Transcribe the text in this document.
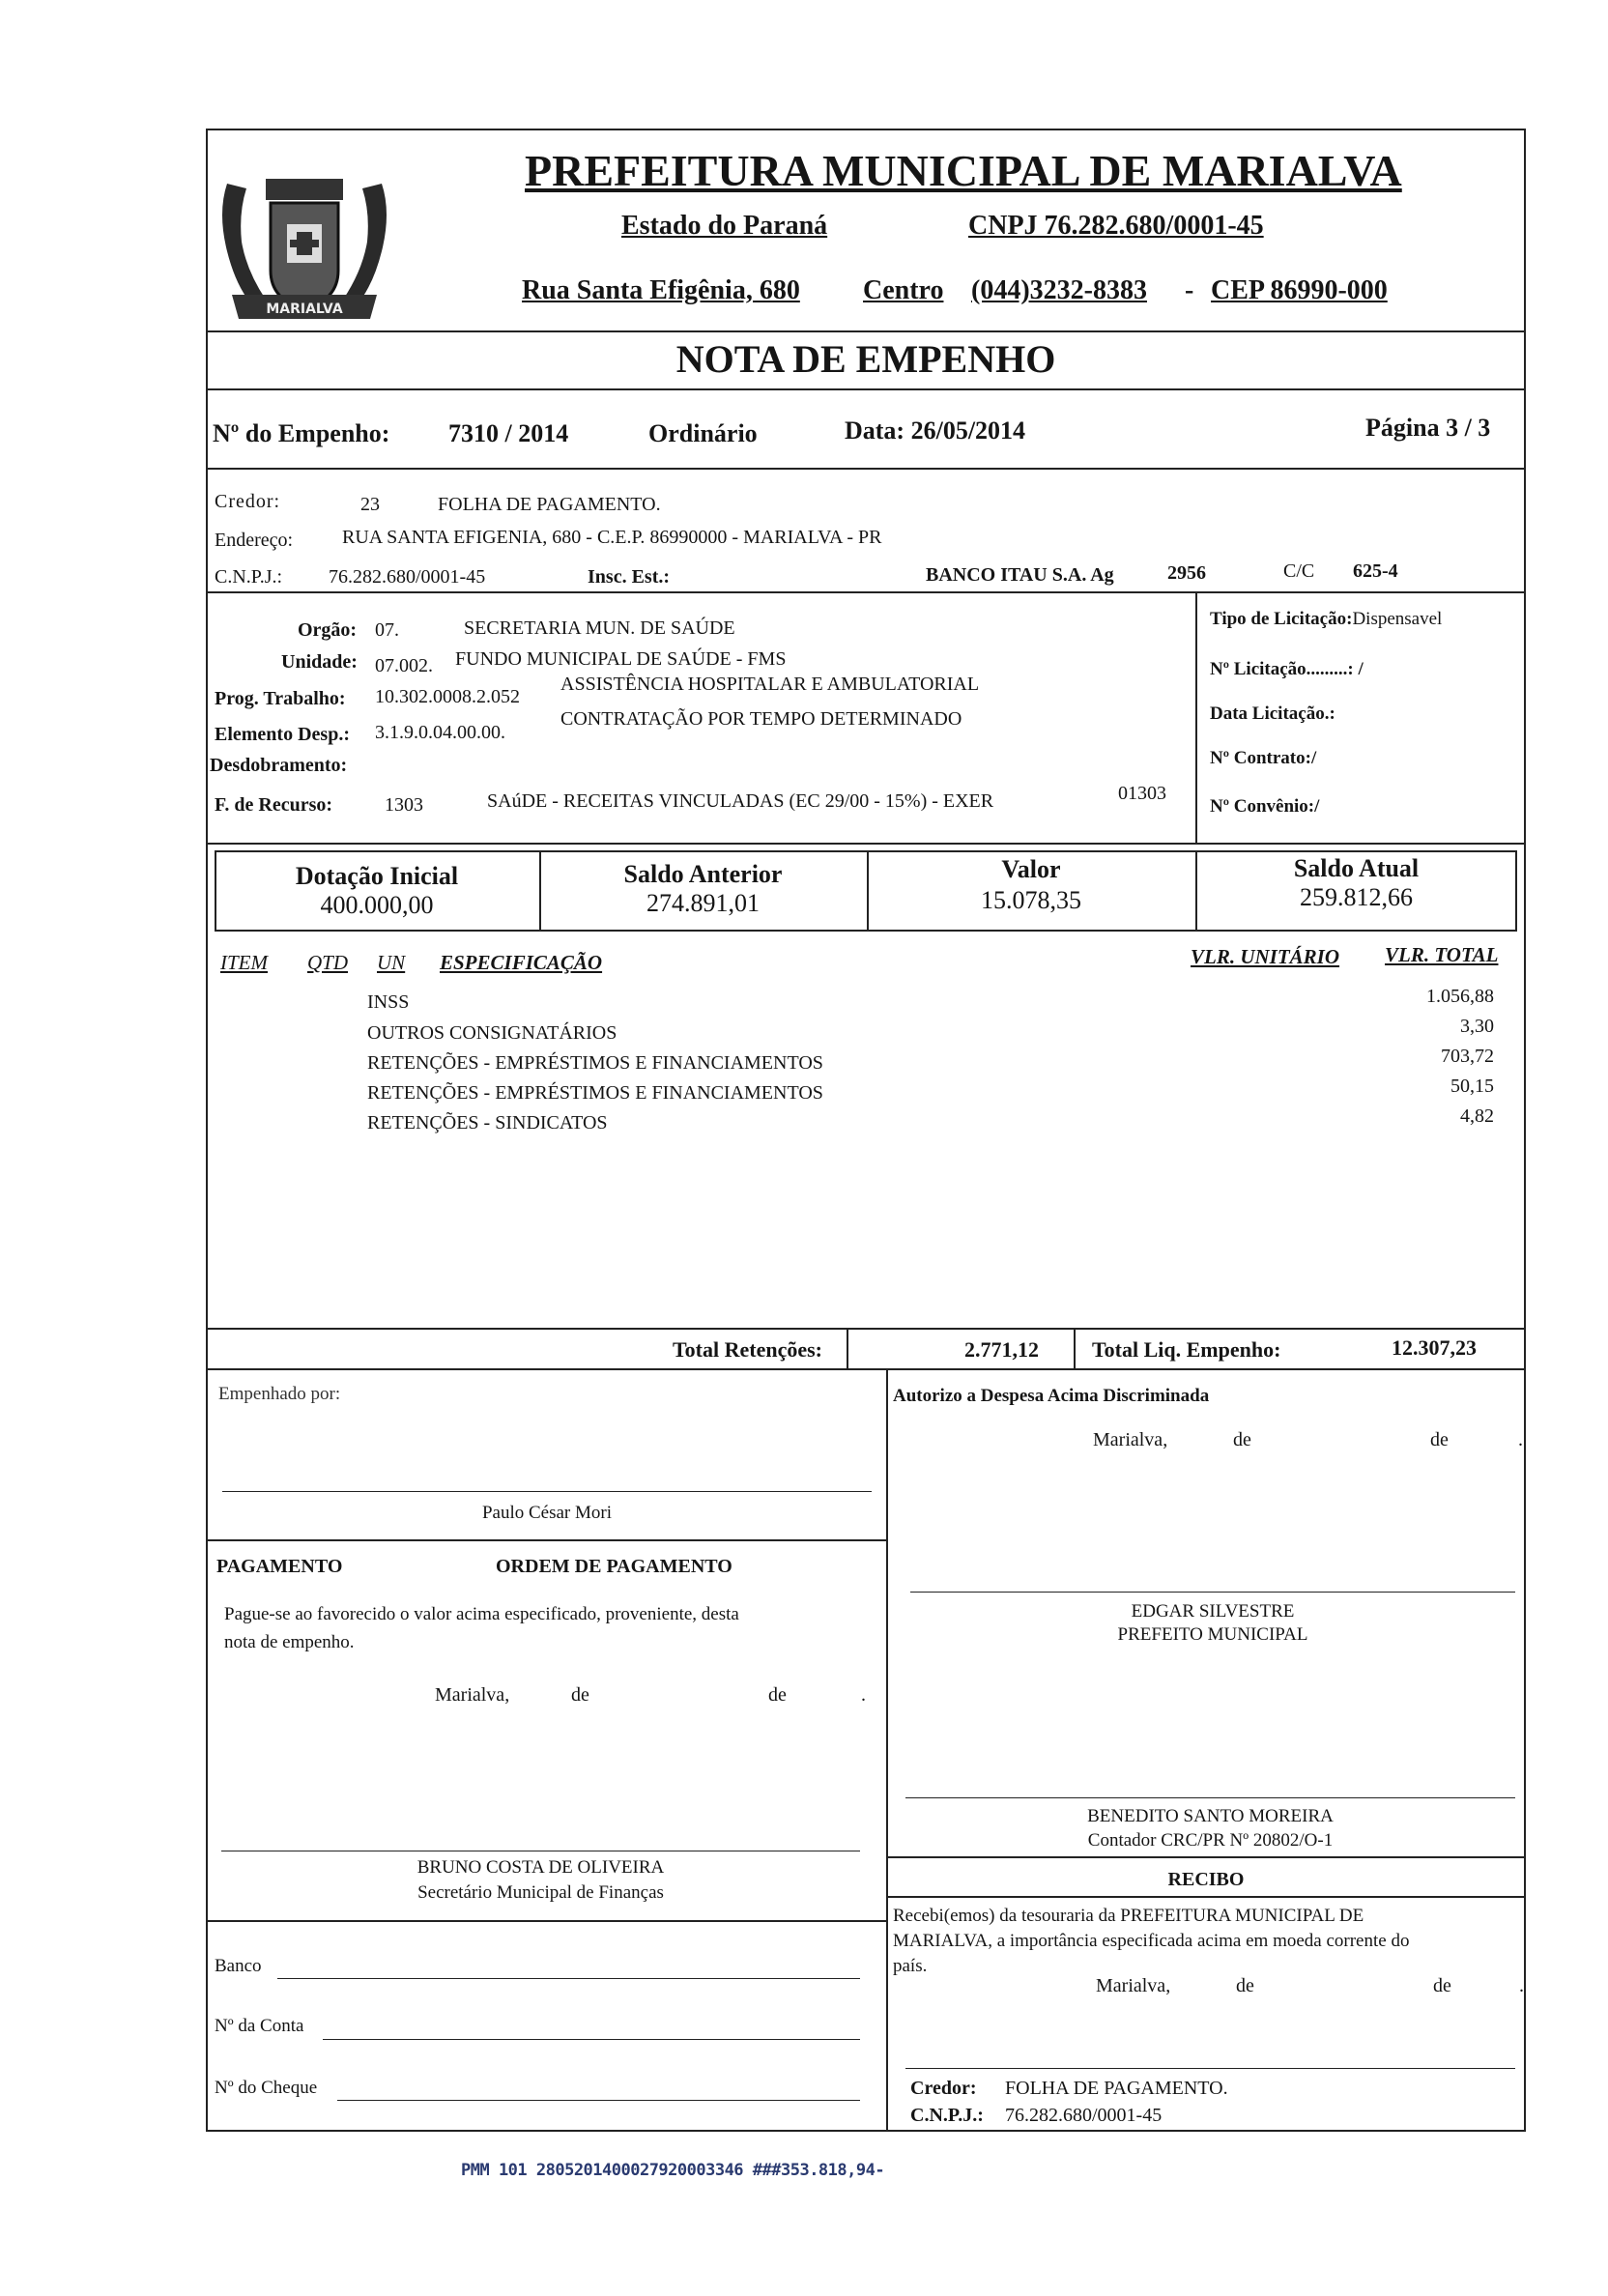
MARIALVA
PREFEITURA MUNICIPAL DE MARIALVA
Estado do Paraná	CNPJ 76.282.680/0001-45
Rua Santa Efigênia, 680 Centro (044)3232-8383 - CEP 86990-000
NOTA DE EMPENHO
Nº do Empenho: 7310 / 2014	Ordinário	Data: 26/05/2014	Página 3 / 3
Credor:	23	FOLHA DE PAGAMENTO.
Endereço:	RUA SANTA EFIGENIA, 680 - C.E.P. 86990000 - MARIALVA - PR
C.N.P.J.: 76.282.680/0001-45	Insc. Est.:	BANCO ITAU S.A. Ag	2956	C/C 625-4
Orgão: 07.	SECRETARIA MUN. DE SAÚDE
Unidade: 07.002. FUNDO MUNICIPAL DE SAÚDE - FMS
Prog. Trabalho: 10.302.0008.2.052
ASSISTÊNCIA HOSPITALAR E AMBULATORIAL
Elemento Desp.: 3.1.9.0.04.00.00.
CONTRATAÇÃO POR TEMPO DETERMINADO
Desdobramento:
F. de Recurso:	1303	SAúDE - RECEITAS VINCULADAS (EC 29/00 - 15%) - EXER	01303
Tipo de Licitação:Dispensavel
Nº Licitação.........: /
Data Licitação.:
Nº Contrato:/
Nº Convênio:/
Dotação Inicial
400.000,00
Saldo Anterior
274.891,01
Valor
15.078,35
Saldo Atual
259.812,66
ITEM QTD UN ESPECIFICAÇÃO	VLR. UNITÁRIO VLR. TOTAL
INSS	1.056,88
OUTROS CONSIGNATÁRIOS	3,30
RETENÇÕES - EMPRÉSTIMOS E FINANCIAMENTOS	703,72
RETENÇÕES - EMPRÉSTIMOS E FINANCIAMENTOS	50,15
RETENÇÕES - SINDICATOS	4,82
Total Retenções:	2.771,12	Total Liq. Empenho:	12.307,23
Empenhado por:
Paulo César Mori
PAGAMENTO	ORDEM DE PAGAMENTO
Pague-se ao favorecido o valor acima especificado, proveniente, desta
nota de empenho.
Marialva,	de	de	.
BRUNO COSTA DE OLIVEIRA
Secretário Municipal de Finanças
Banco
Nº da Conta
Nº do Cheque
Autorizo a Despesa Acima Discriminada
Marialva,	de	de	.
EDGAR SILVESTRE
PREFEITO MUNICIPAL
BENEDITO SANTO MOREIRA
Contador CRC/PR Nº 20802/O-1
RECIBO
Recebi(emos) da tesouraria da PREFEITURA MUNICIPAL DE
MARIALVA, a importância especificada acima em moeda corrente do
país.
Marialva,	de	de	.
Credor: FOLHA DE PAGAMENTO.
C.N.P.J.: 76.282.680/0001-45
PMM 101 2805201400027920003346 ###353.818,94-
